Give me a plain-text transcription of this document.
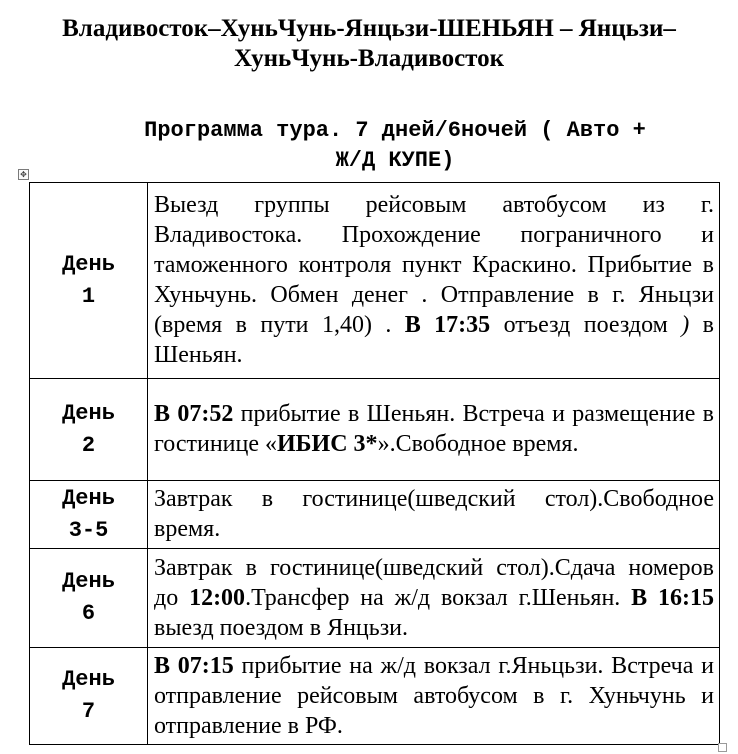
Владивосток–ХуньЧунь-Янцьзи-ШЕНЬЯН – Янцьзи–
ХуньЧунь-Владивосток
Программа тура. 7 дней/6ночей ( Авто +
Ж/Д КУПЕ)
✥
День
1	Выезд группы рейсовым автобусом из г. Владивостока. Прохождение пограничного и таможенного контроля пункт Краскино. Прибытие в Хуньчунь. Обмен денег . Отправление в г. Яньцзи (время в пути 1,40) . В 17:35 отъезд поездом ) в Шеньян.
День
2	В 07:52 прибытие в Шеньян. Встреча и размещение в гостинице «ИБИС 3*».Свободное время.
День
3-5	Завтрак в гостинице(шведский стол).Свободное время.
День
6	Завтрак в гостинице(шведский стол).Сдача номеров до 12:00.Трансфер на ж/д вокзал г.Шеньян. В 16:15 выезд поездом в Янцьзи.
День
7	В 07:15 прибытие на ж/д вокзал г.Яньцьзи. Встреча и отправление рейсовым автобусом в г. Хуньчунь и отправление в РФ.
